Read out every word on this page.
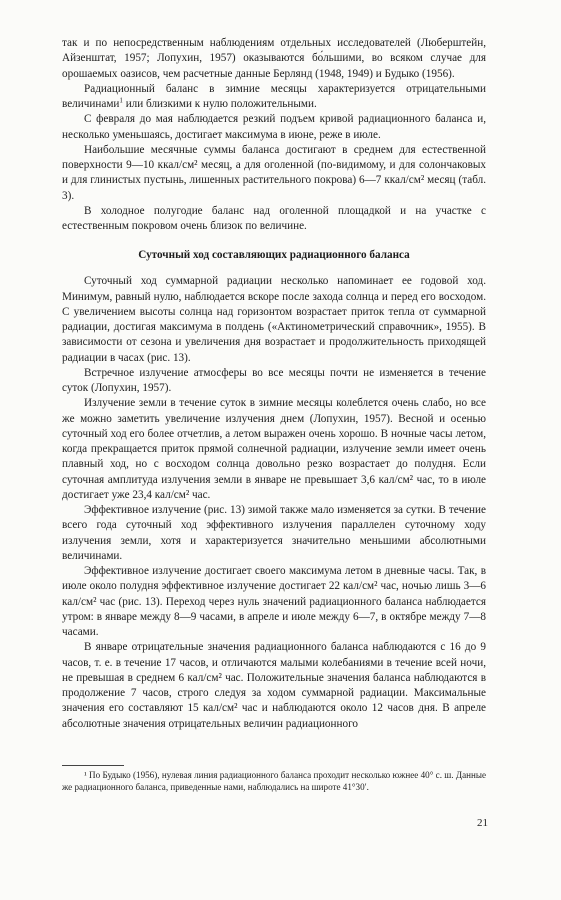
так и по непосредственным наблюдениям отдельных исследователей (Люберштейн, Айзенштат, 1957; Лопухин, 1957) оказываются бо́льшими, во всяком случае для орошаемых оазисов, чем расчетные данные Берлянд (1948, 1949) и Будыко (1956).

Радиационный баланс в зимние месяцы характеризуется отрицательными величинами$^1$ или близкими к нулю положительными.

С февраля до мая наблюдается резкий подъем кривой радиационного баланса и, несколько уменьшаясь, достигает максимума в июне, реже в июле.

Наибольшие месячные суммы баланса достигают в среднем для естественной поверхности 9—10 ккал/см² месяц, а для оголенной (по-видимому, и для солончаковых и для глинистых пустынь, лишенных растительного покрова) 6—7 ккал/см² месяц (табл. 3).

В холодное полугодие баланс над оголенной площадкой и на участке с естественным покровом очень близок по величине.

Суточный ход составляющих радиационного баланса

Суточный ход суммарной радиации несколько напоминает ее годовой ход. Минимум, равный нулю, наблюдается вскоре после захода солнца и перед его восходом. С увеличением высоты солнца над горизонтом возрастает приток тепла от суммарной радиации, достигая максимума в полдень («Актинометрический справочник», 1955). В зависимости от сезона и увеличения дня возрастает и продолжительность приходящей радиации в часах (рис. 13).

Встречное излучение атмосферы во все месяцы почти не изменяется в течение суток (Лопухин, 1957).

Излучение земли в течение суток в зимние месяцы колеблется очень слабо, но все же можно заметить увеличение излучения днем (Лопухин, 1957). Весной и осенью суточный ход его более отчетлив, а летом выражен очень хорошо. В ночные часы летом, когда прекращается приток прямой солнечной радиации, излучение земли имеет очень плавный ход, но с восходом солнца довольно резко возрастает до полудня. Если суточная амплитуда излучения земли в январе не превышает 3,6 кал/см² час, то в июле достигает уже 23,4 кал/см² час.

Эффективное излучение (рис. 13) зимой также мало изменяется за сутки. В течение всего года суточный ход эффективного излучения параллелен суточному ходу излучения земли, хотя и характеризуется значительно меньшими абсолютными величинами.

Эффективное излучение достигает своего максимума летом в дневные часы. Так, в июле около полудня эффективное излучение достигает 22 кал/см² час, ночью лишь 3—6 кал/см² час (рис. 13). Переход через нуль значений радиационного баланса наблюдается утром: в январе между 8—9 часами, в апреле и июле между 6—7, в октябре между 7—8 часами.

В январе отрицательные значения радиационного баланса наблюдаются с 16 до 9 часов, т. е. в течение 17 часов, и отличаются малыми колебаниями в течение всей ночи, не превышая в среднем 6 кал/см² час. Положительные значения баланса наблюдаются в продолжение 7 часов, строго следуя за ходом суммарной радиации. Максимальные значения его составляют 15 кал/см² час и наблюдаются около 12 часов дня. В апреле абсолютные значения отрицательных величин радиационного

¹ По Будыко (1956), нулевая линия радиационного баланса проходит несколько южнее 40° с. ш. Данные же радиационного баланса, приведенные нами, наблюдались на широте 41°30′.

21
